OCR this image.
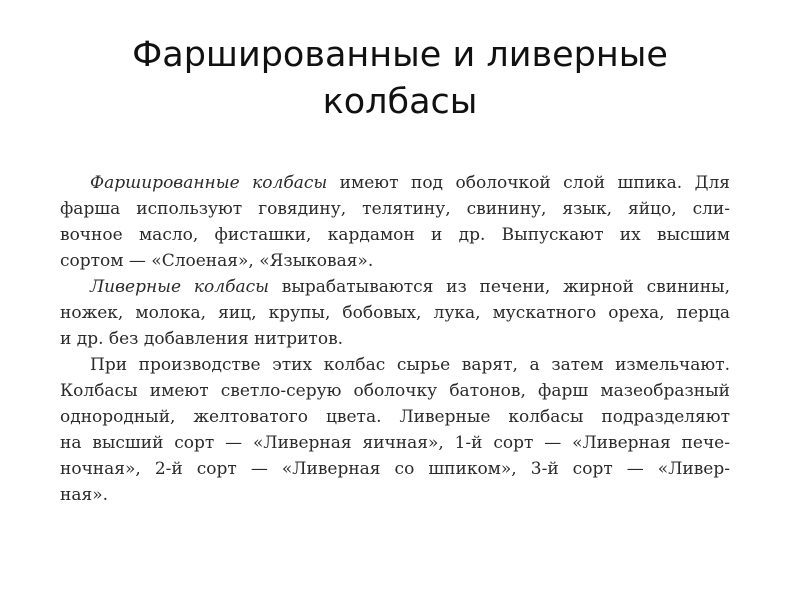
Фаршированные и ливерные
колбасы
Фаршированные колбасы имеют под оболочкой слой шпика. Для
фарша используют говядину, телятину, свинину, язык, яйцо, сли-
вочное масло, фисташки, кардамон и др. Выпускают их высшим
сортом — «Слоеная», «Языковая».
Ливерные колбасы вырабатываются из печени, жирной свинины,
ножек, молока, яиц, крупы, бобовых, лука, мускатного ореха, перца
и др. без добавления нитритов.
При производстве этих колбас сырье варят, а затем измельчают.
Колбасы имеют светло-серую оболочку батонов, фарш мазеобразный
однородный, желтоватого цвета. Ливерные колбасы подразделяют
на высший сорт — «Ливерная яичная», 1-й сорт — «Ливерная пече-
ночная», 2-й сорт — «Ливерная со шпиком», 3-й сорт — «Ливер-
ная».
